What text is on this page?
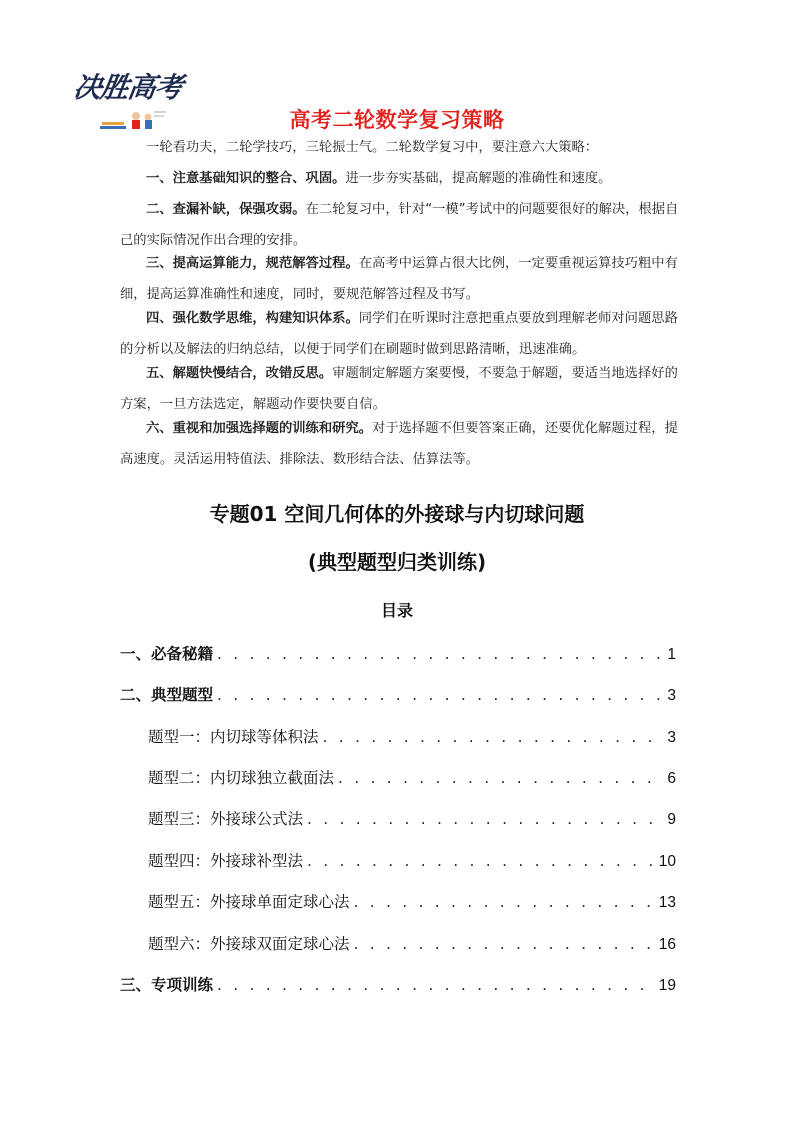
决胜高考
高考二轮数学复习策略
一轮看功夫，二轮学技巧，三轮振士气。二轮数学复习中，要注意六大策略：
一、注意基础知识的整合、巩固。进一步夯实基础，提高解题的准确性和速度。
二、查漏补缺，保强攻弱。在二轮复习中，针对“一模”考试中的问题要很好的解决，根据自己的实际情况作出合理的安排。
三、提高运算能力，规范解答过程。在高考中运算占很大比例，一定要重视运算技巧粗中有细，提高运算准确性和速度，同时，要规范解答过程及书写。
四、强化数学思维，构建知识体系。同学们在听课时注意把重点要放到理解老师对问题思路的分析以及解法的归纳总结，以便于同学们在刷题时做到思路清晰，迅速准确。
五、解题快慢结合，改错反思。审题制定解题方案要慢，不要急于解题，要适当地选择好的方案，一旦方法选定，解题动作要快要自信。
六、重视和加强选择题的训练和研究。对于选择题不但要答案正确，还要优化解题过程，提高速度。灵活运用特值法、排除法、数形结合法、估算法等。
专题01 空间几何体的外接球与内切球问题
(典型题型归类训练)
目录
一、必备秘籍 . . .	1
二、典型题型 . . .	3
题型一：内切球等体积法 . . .	3
题型二：内切球独立截面法 . . .	6
题型三：外接球公式法 . . .	9
题型四：外接球补型法 . . .	10
题型五：外接球单面定球心法 . . .	13
题型六：外接球双面定球心法 . . .	16
三、专项训练 . . .	19
